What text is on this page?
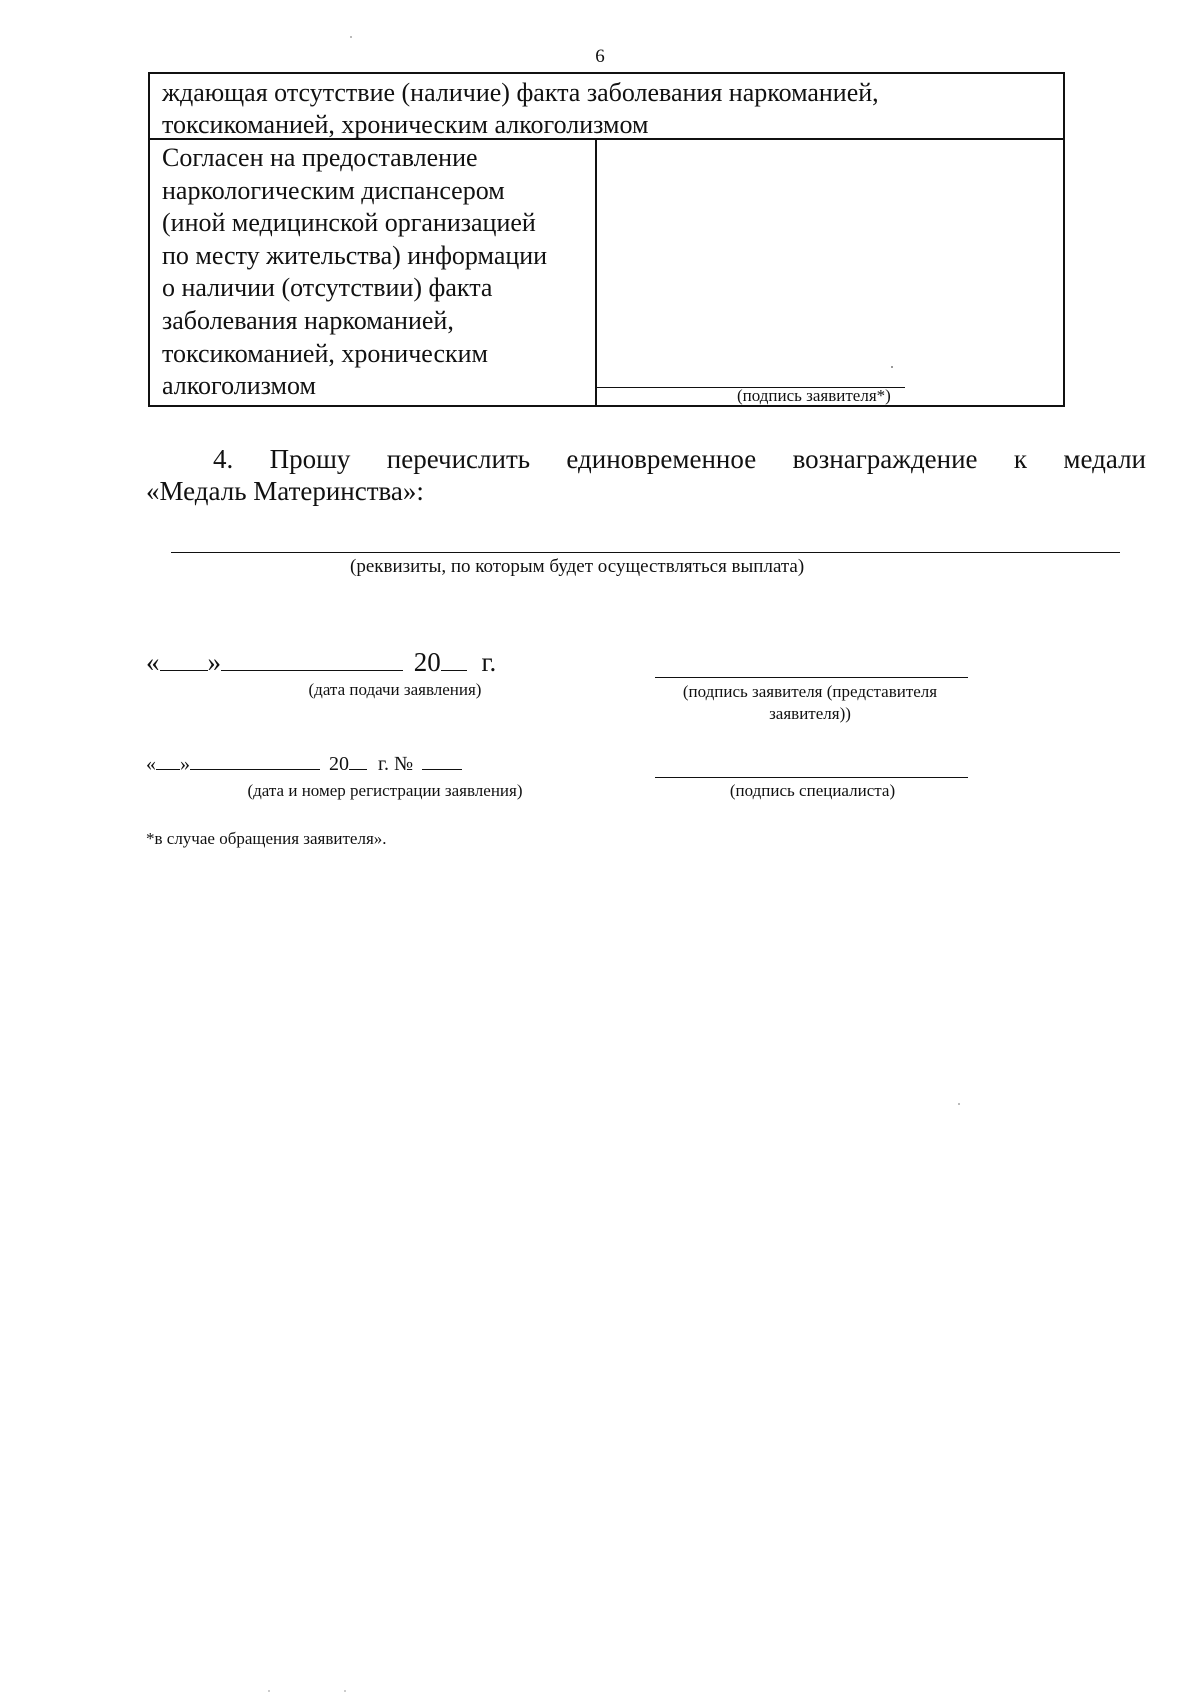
6
ждающая отсутствие (наличие) факта заболевания наркоманией,
токсикоманией, хроническим алкоголизмом
Согласен на предоставление
наркологическим диспансером
(иной медицинской организацией
по месту жительства) информации
о наличии (отсутствии) факта
заболевания наркоманией,
токсикоманией, хроническим
алкоголизмом	(подпись заявителя*)
4. Прошу перечислить единовременное вознаграждение к медали
«Медаль Материнства»:
(реквизиты, по которым будет осуществляться выплата)
« »	20 г.
(дата подачи заявления)	(подпись заявителя (представителя
заявителя))
« »	20 г. №
(дата и номер регистрации заявления)	(подпись специалиста)
*в случае обращения заявителя».
